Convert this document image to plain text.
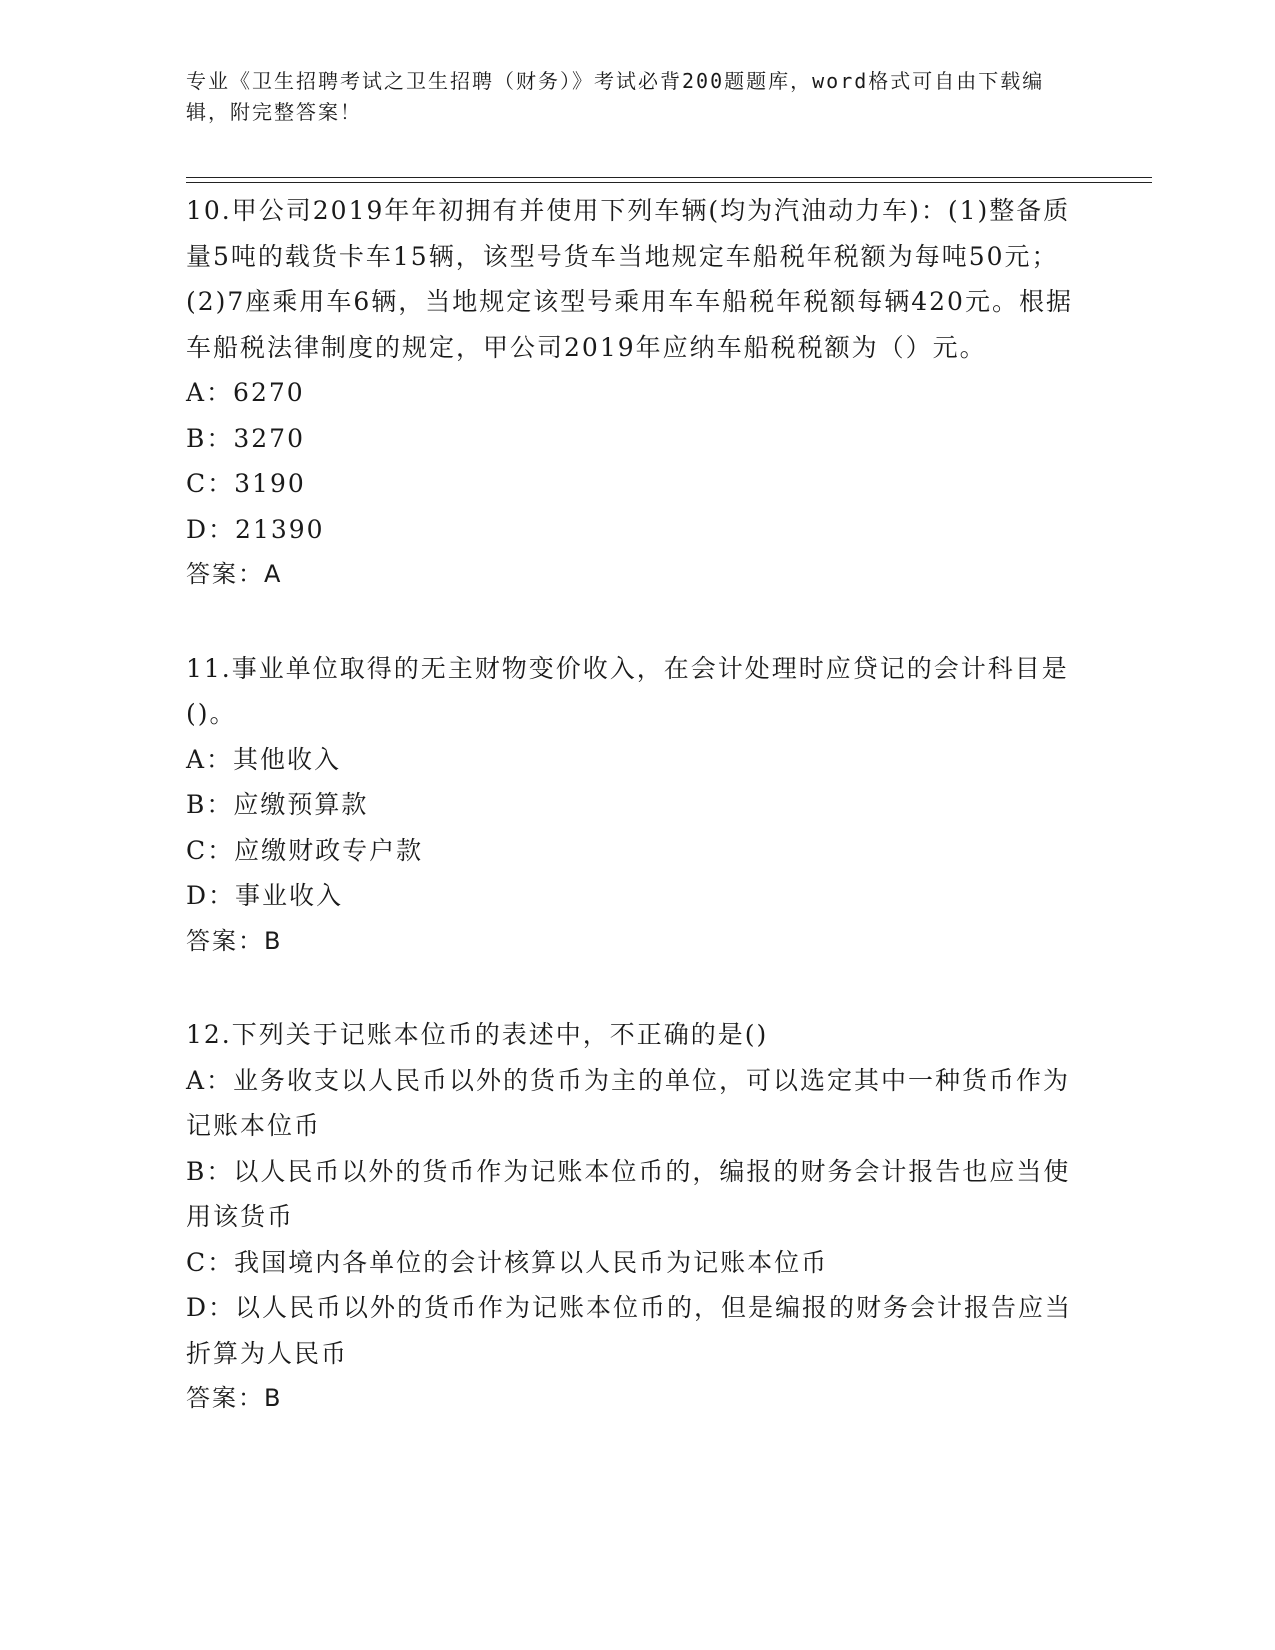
专业《卫生招聘考试之卫生招聘（财务）》考试必背200题题库，word格式可自由下载编辑，附完整答案！

10.甲公司2019年年初拥有并使用下列车辆(均为汽油动力车)：(1)整备质量5吨的载货卡车15辆，该型号货车当地规定车船税年税额为每吨50元；(2)7座乘用车6辆，当地规定该型号乘用车车船税年税额每辆420元。根据车船税法律制度的规定，甲公司2019年应纳车船税税额为（）元。

A：6270

B：3270

C：3190

D：21390

答案：A

11.事业单位取得的无主财物变价收入，在会计处理时应贷记的会计科目是()。

A：其他收入

B：应缴预算款

C：应缴财政专户款

D：事业收入

答案：B

12.下列关于记账本位币的表述中，不正确的是()

A：业务收支以人民币以外的货币为主的单位，可以选定其中一种货币作为记账本位币

B：以人民币以外的货币作为记账本位币的，编报的财务会计报告也应当使用该货币

C：我国境内各单位的会计核算以人民币为记账本位币

D：以人民币以外的货币作为记账本位币的，但是编报的财务会计报告应当折算为人民币

答案：B
